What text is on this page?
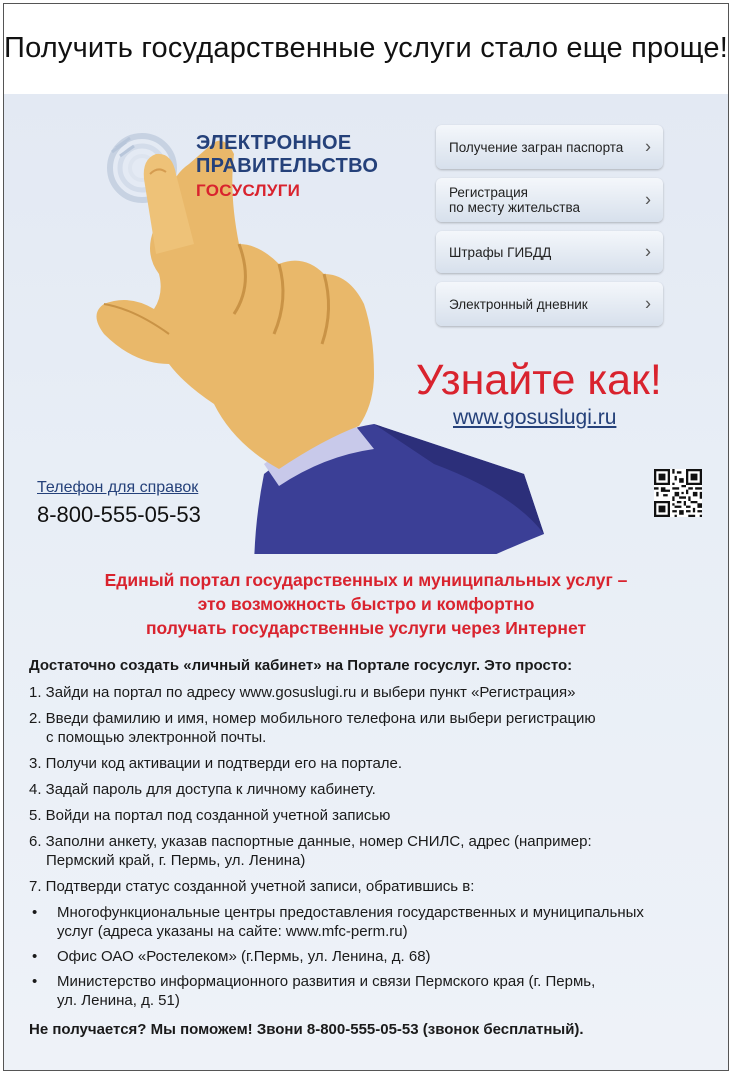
Получить государственные услуги стало еще проще!
ЭЛЕКТРОННОЕ
ПРАВИТЕЛЬСТВО
ГОСУСЛУГИ
Получение загран паспорта ›
Регистрация
по месту жительства	›
Штрафы ГИБДД	›
Электронный дневник	›
Узнайте как!
www.gosuslugi.ru
Телефон для справок
8-800-555-05-53
Единый портал государственных и муниципальных услуг –
это возможность быстро и комфортно
получать государственные услуги через Интернет
Достаточно создать «личный кабинет» на Портале госуслуг. Это просто:
1. Зайди на портал по адресу www.gosuslugi.ru и выбери пункт «Регистрация»
2. Введи фамилию и имя, номер мобильного телефона или выбери регистрацию
с помощью электронной почты.
3. Получи код активации и подтверди его на портале.
4. Задай пароль для доступа к личному кабинету.
5. Войди на портал под созданной учетной записью
6. Заполни анкету, указав паспортные данные, номер СНИЛС, адрес (например:
Пермский край, г. Пермь, ул. Ленина)
7. Подтверди статус созданной учетной записи, обратившись в:
•	Многофункциональные центры предоставления государственных и муниципальных
услуг (адреса указаны на сайте: www.mfc-perm.ru)
•	Офис ОАО «Ростелеком» (г.Пермь, ул. Ленина, д. 68)
•	Министерство информационного развития и связи Пермского края (г. Пермь,
ул. Ленина, д. 51)
Не получается? Мы поможем! Звони 8-800-555-05-53 (звонок бесплатный).
